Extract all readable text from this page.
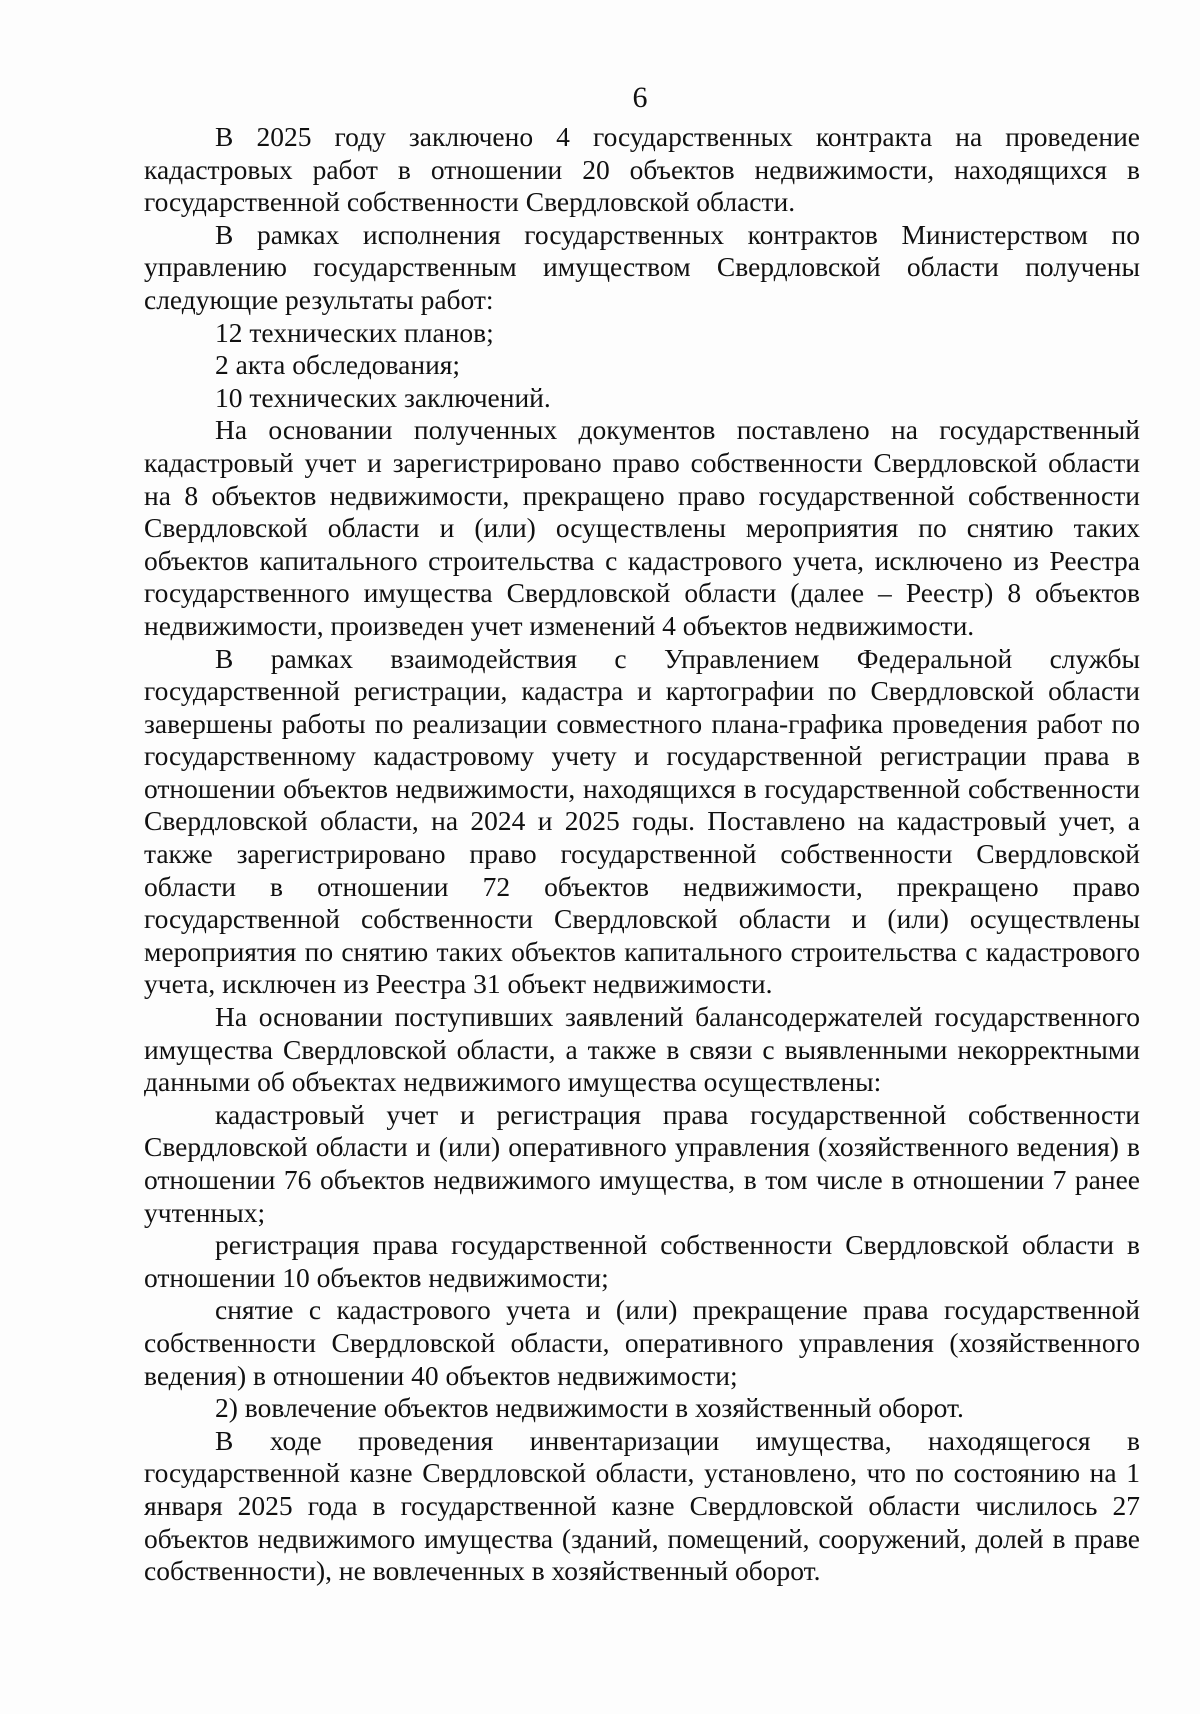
6

В 2025 году заключено 4 государственных контракта на проведение кадастровых работ в отношении 20 объектов недвижимости, находящихся в государственной собственности Свердловской области.

В рамках исполнения государственных контрактов Министерством по управлению государственным имуществом Свердловской области получены следующие результаты работ:

12 технических планов;

2 акта обследования;

10 технических заключений.

На основании полученных документов поставлено на государственный кадастровый учет и зарегистрировано право собственности Свердловской области на 8 объектов недвижимости, прекращено право государственной собственности Свердловской области и (или) осуществлены мероприятия по снятию таких объектов капитального строительства с кадастрового учета, исключено из Реестра государственного имущества Свердловской области (далее – Реестр) 8 объектов недвижимости, произведен учет изменений 4 объектов недвижимости.

В рамках взаимодействия с Управлением Федеральной службы государственной регистрации, кадастра и картографии по Свердловской области завершены работы по реализации совместного плана-графика проведения работ по государственному кадастровому учету и государственной регистрации права в отношении объектов недвижимости, находящихся в государственной собственности Свердловской области, на 2024 и 2025 годы. Поставлено на кадастровый учет, а также зарегистрировано право государственной собственности Свердловской области в отношении 72 объектов недвижимости, прекращено право государственной собственности Свердловской области и (или) осуществлены мероприятия по снятию таких объектов капитального строительства с кадастрового учета, исключен из Реестра 31 объект недвижимости.

На основании поступивших заявлений балансодержателей государственного имущества Свердловской области, а также в связи с выявленными некорректными данными об объектах недвижимого имущества осуществлены:

кадастровый учет и регистрация права государственной собственности Свердловской области и (или) оперативного управления (хозяйственного ведения) в отношении 76 объектов недвижимого имущества, в том числе в отношении 7 ранее учтенных;

регистрация права государственной собственности Свердловской области в отношении 10 объектов недвижимости;

снятие с кадастрового учета и (или) прекращение права государственной собственности Свердловской области, оперативного управления (хозяйственного ведения) в отношении 40 объектов недвижимости;

2) вовлечение объектов недвижимости в хозяйственный оборот.

В ходе проведения инвентаризации имущества, находящегося в государственной казне Свердловской области, установлено, что по состоянию на 1 января 2025 года в государственной казне Свердловской области числилось 27 объектов недвижимого имущества (зданий, помещений, сооружений, долей в праве собственности), не вовлеченных в хозяйственный оборот.
